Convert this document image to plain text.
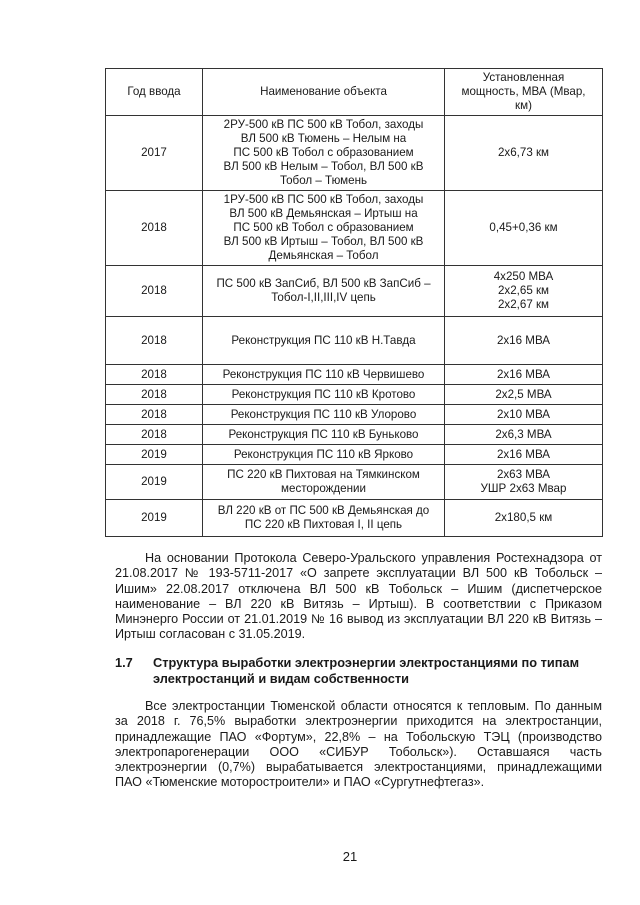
Год ввода	Наименование объекта	Установленная
мощность, МВА (Мвар,
км)

2017	2РУ-500 кВ ПС 500 кВ Тобол, заходы
ВЛ 500 кВ Тюмень – Нелым на
ПС 500 кВ Тобол с образованием
ВЛ 500 кВ Нелым – Тобол, ВЛ 500 кВ
Тобол – Тюмень	2х6,73 км

2018	1РУ-500 кВ ПС 500 кВ Тобол, заходы
ВЛ 500 кВ Демьянская – Иртыш на
ПС 500 кВ Тобол с образованием
ВЛ 500 кВ Иртыш – Тобол, ВЛ 500 кВ
Демьянская – Тобол	0,45+0,36 км

2018	ПС 500 кВ ЗапСиб, ВЛ 500 кВ ЗапСиб –
Тобол-I,II,III,IV цепь	4х250 МВА
2х2,65 км
2х2,67 км

2018	Реконструкция ПС 110 кВ Н.Тавда	2х16 МВА

2018	Реконструкция ПС 110 кВ Червишево	2х16 МВА

2018	Реконструкция ПС 110 кВ Кротово	2х2,5 МВА

2018	Реконструкция ПС 110 кВ Улорово	2х10 МВА

2018	Реконструкция ПС 110 кВ Буньково	2х6,3 МВА

2019	Реконструкция ПС 110 кВ Ярково	2х16 МВА

2019	ПС 220 кВ Пихтовая на Тямкинском
месторождении	2х63 МВА
УШР 2х63 Мвар

2019	ВЛ 220 кВ от ПС 500 кВ Демьянская до
ПС 220 кВ Пихтовая I, II цепь	2х180,5 км

На основании Протокола Северо-Уральского управления Ростехнадзора от 21.08.2017 № 193-5711-2017 «О запрете эксплуатации ВЛ 500 кВ Тобольск – Ишим» 22.08.2017 отключена ВЛ 500 кВ Тобольск – Ишим (диспетчерское наименование – ВЛ 220 кВ Витязь – Иртыш). В соответствии с Приказом Минэнерго России от 21.01.2019 № 16 вывод из эксплуатации ВЛ 220 кВ Витязь – Иртыш согласован с 31.05.2019.

1.7	Структура выработки электроэнергии электростанциями по типам электростанций и видам собственности

Все электростанции Тюменской области относятся к тепловым. По данным за 2018 г. 76,5% выработки электроэнергии приходится на электростанции, принадлежащие ПАО «Фортум», 22,8% – на Тобольскую ТЭЦ (производство электропарогенерации ООО «СИБУР Тобольск»). Оставшаяся часть электроэнергии (0,7%) вырабатывается электростанциями, принадлежащими ПАО «Тюменские моторостроители» и ПАО «Сургутнефтегаз».

21
